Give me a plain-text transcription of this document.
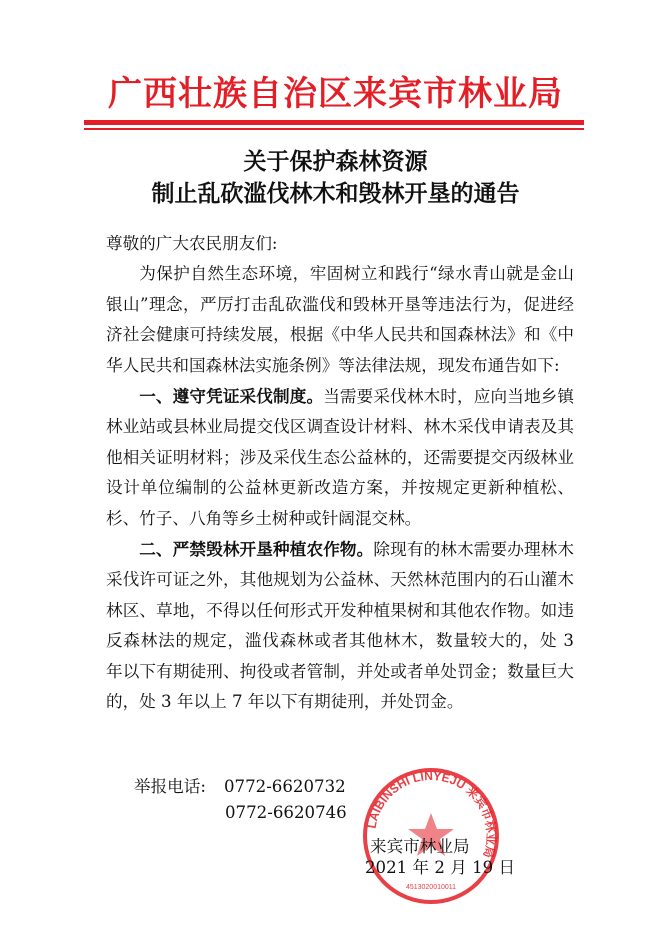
广西壮族自治区来宾市林业局
关于保护森林资源
制止乱砍滥伐林木和毁林开垦的通告

尊敬的广大农民朋友们:

为保护自然生态环境，牢固树立和践行“绿水青山就是金山银山”理念，严厉打击乱砍滥伐和毁林开垦等违法行为，促进经济社会健康可持续发展，根据《中华人民共和国森林法》和《中华人民共和国森林法实施条例》等法律法规，现发布通告如下:

一、遵守凭证采伐制度。当需要采伐林木时，应向当地乡镇林业站或县林业局提交伐区调查设计材料、林木采伐申请表及其他相关证明材料；涉及采伐生态公益林的，还需要提交丙级林业设计单位编制的公益林更新改造方案，并按规定更新种植松、杉、竹子、八角等乡土树种或针阔混交林。

二、严禁毁林开垦种植农作物。除现有的林木需要办理林木采伐许可证之外，其他规划为公益林、天然林范围内的石山灌木林区、草地，不得以任何形式开发种植果树和其他农作物。如违反森林法的规定，滥伐森林或者其他林木，数量较大的，处 3 年以下有期徒刑、拘役或者管制，并处或者单处罚金；数量巨大的，处 3 年以上 7 年以下有期徒刑，并处罚金。

举报电话: 0772-6620732
0772-6620746
LAIBINSHI LINYEJU 来宾市林业局
4513020010011
来宾市林业局
2021 年 2 月 19 日
